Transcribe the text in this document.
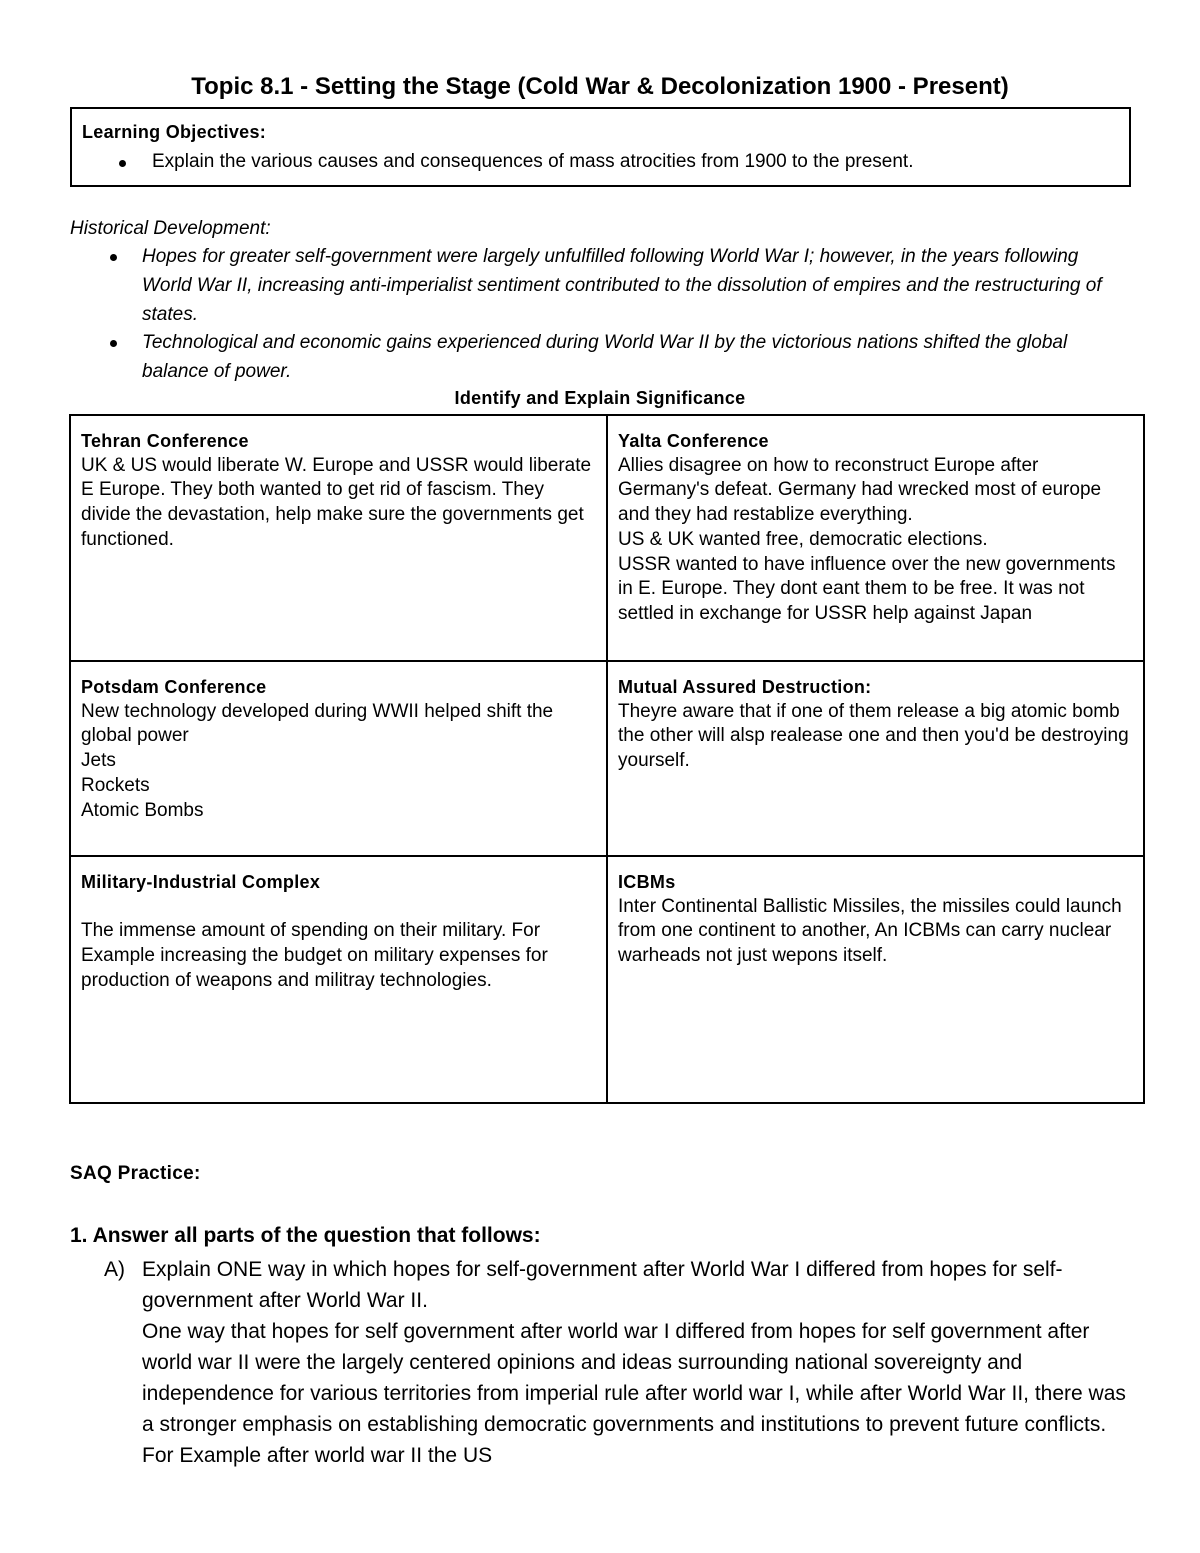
Topic 8.1 - Setting the Stage (Cold War & Decolonization 1900 - Present)
Learning Objectives:
Explain the various causes and consequences of mass atrocities from 1900 to the present.
Historical Development:
Hopes for greater self-government were largely unfulfilled following World War I; however, in the years following World War II, increasing anti-imperialist sentiment contributed to the dissolution of empires and the restructuring of states.
Technological and economic gains experienced during World War II by the victorious nations shifted the global balance of power.
Identify and Explain Significance
Tehran Conference
UK & US would liberate W. Europe and USSR would liberate E Europe. They both wanted to get rid of fascism. They divide the devastation, help make sure the governments get functioned.	Yalta Conference
Allies disagree on how to reconstruct Europe after Germany's defeat. Germany had wrecked most of europe and they had restablize everything.
US & UK wanted free, democratic elections.
USSR wanted to have influence over the new governments in E. Europe. They dont eant them to be free. It was not settled in exchange for USSR help against Japan

Potsdam Conference
New technology developed during WWII helped shift the global power
Jets
Rockets
Atomic Bombs	Mutual Assured Destruction:
Theyre aware that if one of them release a big atomic bomb the other will alsp realease one and then you'd be destroying yourself.

Military-Industrial Complex

The immense amount of spending on their military. For Example increasing the budget on military expenses for production of weapons and militray technologies.	ICBMs
Inter Continental Ballistic Missiles, the missiles could launch from one continent to another, An ICBMs can carry nuclear warheads not just wepons itself.
SAQ Practice:
1. Answer all parts of the question that follows:
A) Explain ONE way in which hopes for self-government after World War I differed from hopes for self-government after World War II.
One way that hopes for self government after world war I differed from hopes for self government after world war II were the largely centered opinions and ideas surrounding national sovereignty and independence for various territories from imperial rule after world war I, while after World War II, there was a stronger emphasis on establishing democratic governments and institutions to prevent future conflicts. For Example after world war II the US
